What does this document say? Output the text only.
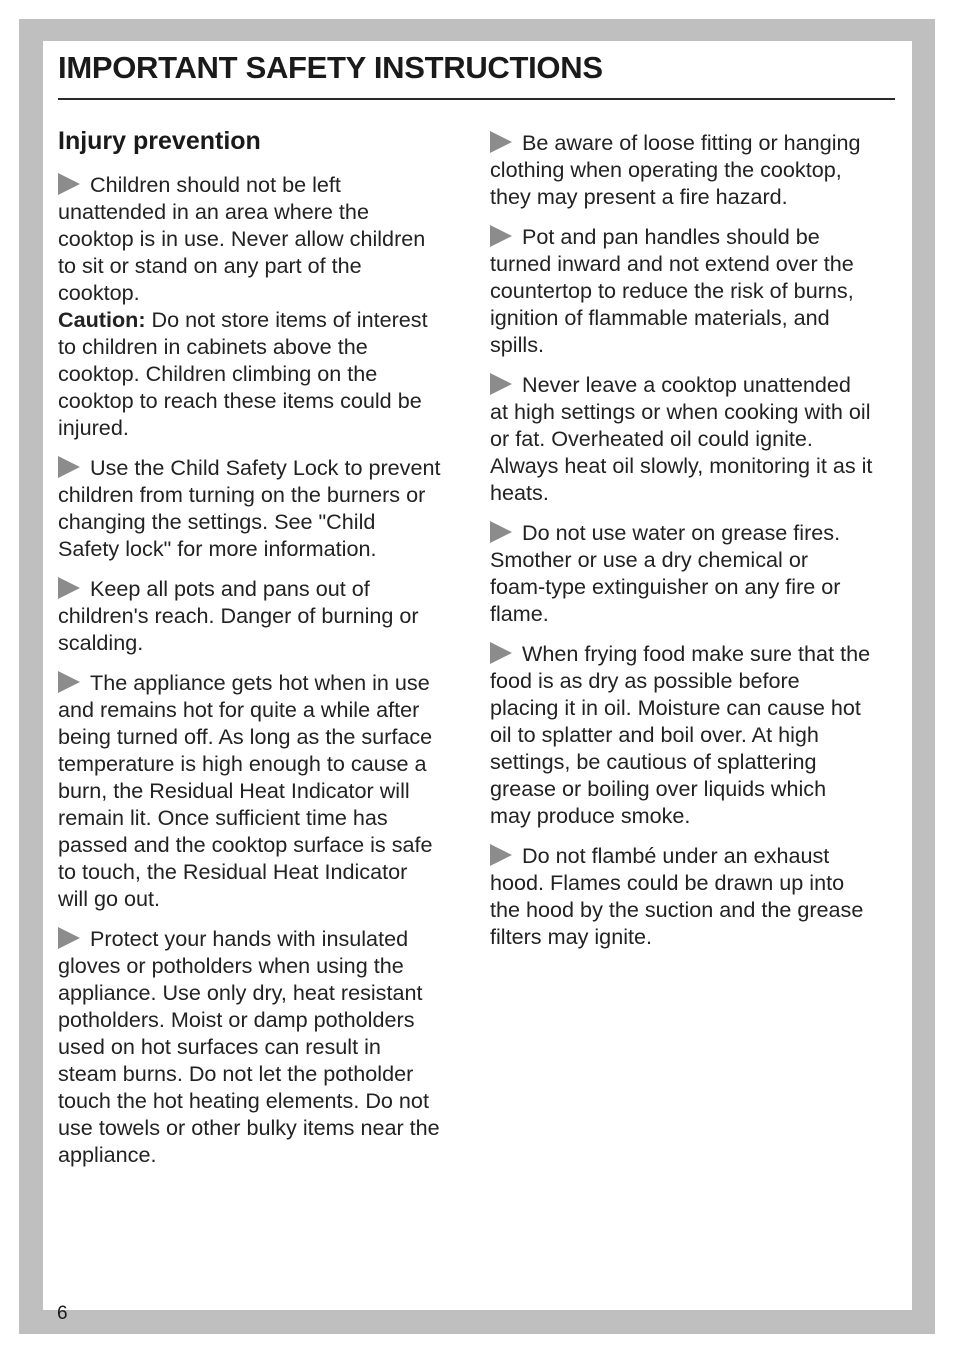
IMPORTANT SAFETY INSTRUCTIONS
Injury prevention

Children should not be left
unattended in an area where the
cooktop is in use. Never allow children
to sit or stand on any part of the
cooktop.
Caution: Do not store items of interest
to children in cabinets above the
cooktop. Children climbing on the
cooktop to reach these items could be
injured.

Use the Child Safety Lock to prevent
children from turning on the burners or
changing the settings. See "Child
Safety lock" for more information.

Keep all pots and pans out of
children's reach. Danger of burning or
scalding.

The appliance gets hot when in use
and remains hot for quite a while after
being turned off. As long as the surface
temperature is high enough to cause a
burn, the Residual Heat Indicator will
remain lit. Once sufficient time has
passed and the cooktop surface is safe
to touch, the Residual Heat Indicator
will go out.

Protect your hands with insulated
gloves or potholders when using the
appliance. Use only dry, heat resistant
potholders. Moist or damp potholders
used on hot surfaces can result in
steam burns. Do not let the potholder
touch the hot heating elements. Do not
use towels or other bulky items near the
appliance.

Be aware of loose fitting or hanging
clothing when operating the cooktop,
they may present a fire hazard.

Pot and pan handles should be
turned inward and not extend over the
countertop to reduce the risk of burns,
ignition of flammable materials, and
spills.

Never leave a cooktop unattended
at high settings or when cooking with oil
or fat. Overheated oil could ignite.
Always heat oil slowly, monitoring it as it
heats.

Do not use water on grease fires.
Smother or use a dry chemical or
foam-type extinguisher on any fire or
flame.

When frying food make sure that the
food is as dry as possible before
placing it in oil. Moisture can cause hot
oil to splatter and boil over. At high
settings, be cautious of splattering
grease or boiling over liquids which
may produce smoke.

Do not flambé under an exhaust
hood. Flames could be drawn up into
the hood by the suction and the grease
filters may ignite.

6
